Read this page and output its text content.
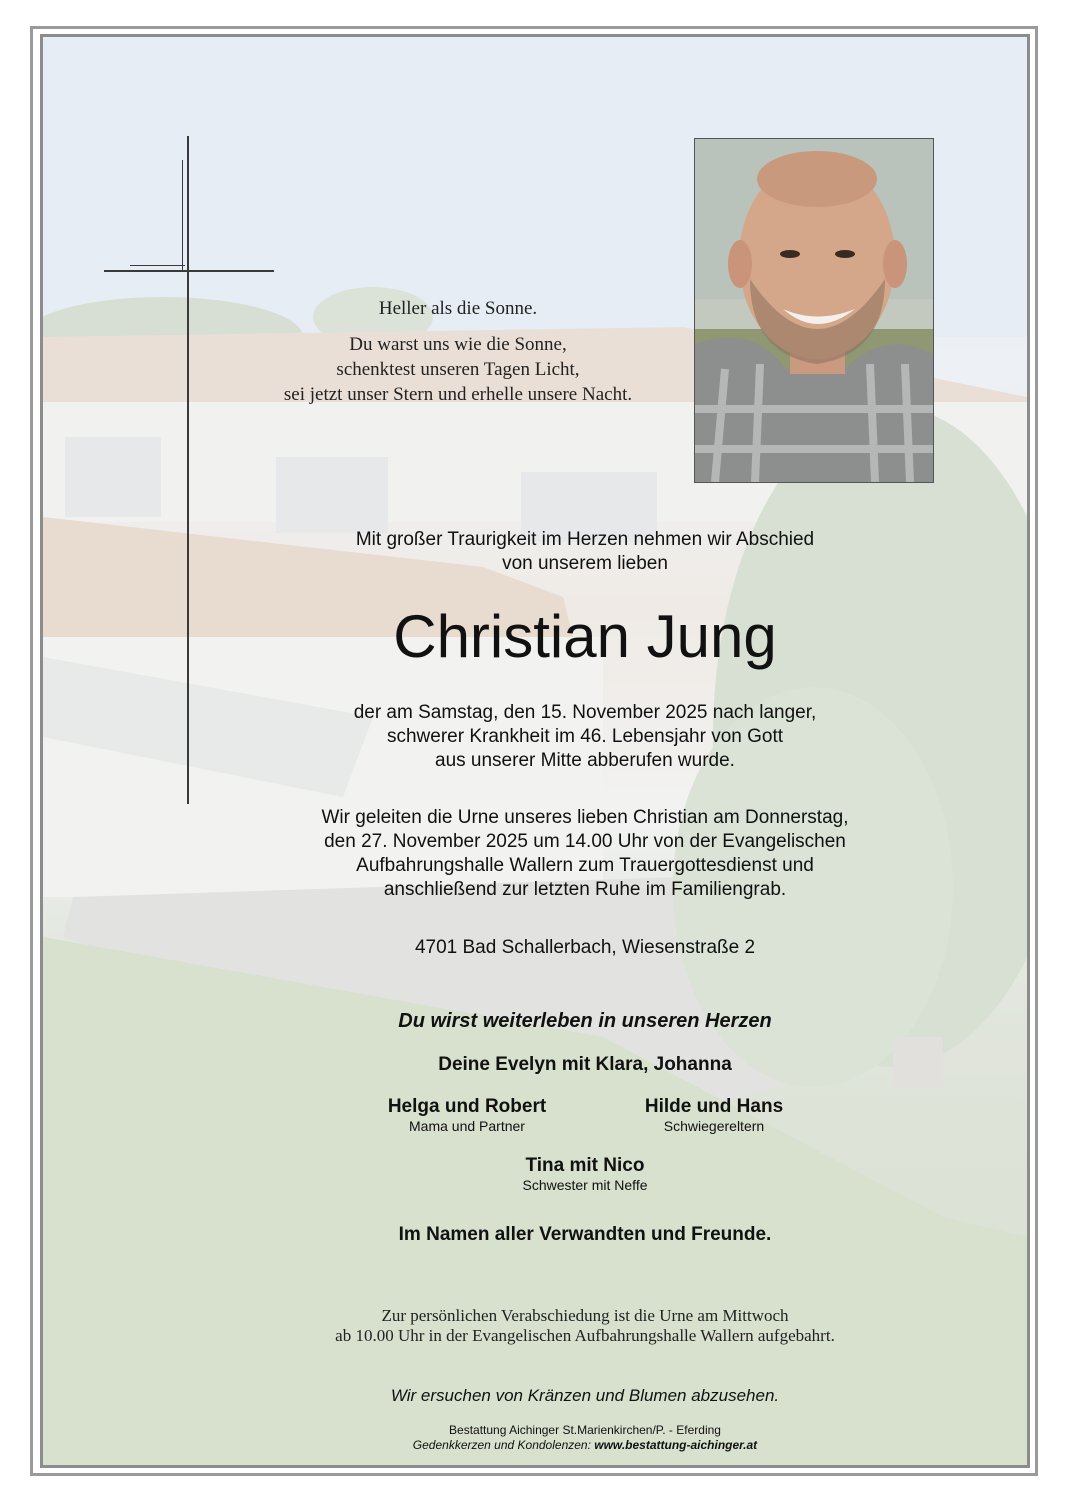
Heller als die Sonne.
Du warst uns wie die Sonne,
schenktest unseren Tagen Licht,
sei jetzt unser Stern und erhelle unsere Nacht.
Mit großer Traurigkeit im Herzen nehmen wir Abschied
von unserem lieben
Christian Jung
der am Samstag, den 15. November 2025 nach langer,
schwerer Krankheit im 46. Lebensjahr von Gott
aus unserer Mitte abberufen wurde.
Wir geleiten die Urne unseres lieben Christian am Donnerstag,
den 27. November 2025 um 14.00 Uhr von der Evangelischen
Aufbahrungshalle Wallern zum Trauergottesdienst und
anschließend zur letzten Ruhe im Familiengrab.
4701 Bad Schallerbach, Wiesenstraße 2
Du wirst weiterleben in unseren Herzen
Deine Evelyn mit Klara, Johanna
Helga und Robert
Mama und Partner
Hilde und Hans
Schwiegereltern
Tina mit Nico
Schwester mit Neffe
Im Namen aller Verwandten und Freunde.
Zur persönlichen Verabschiedung ist die Urne am Mittwoch
ab 10.00 Uhr in der Evangelischen Aufbahrungshalle Wallern aufgebahrt.
Wir ersuchen von Kränzen und Blumen abzusehen.
Bestattung Aichinger St.Marienkirchen/P. - Eferding
Gedenkkerzen und Kondolenzen: www.bestattung-aichinger.at
